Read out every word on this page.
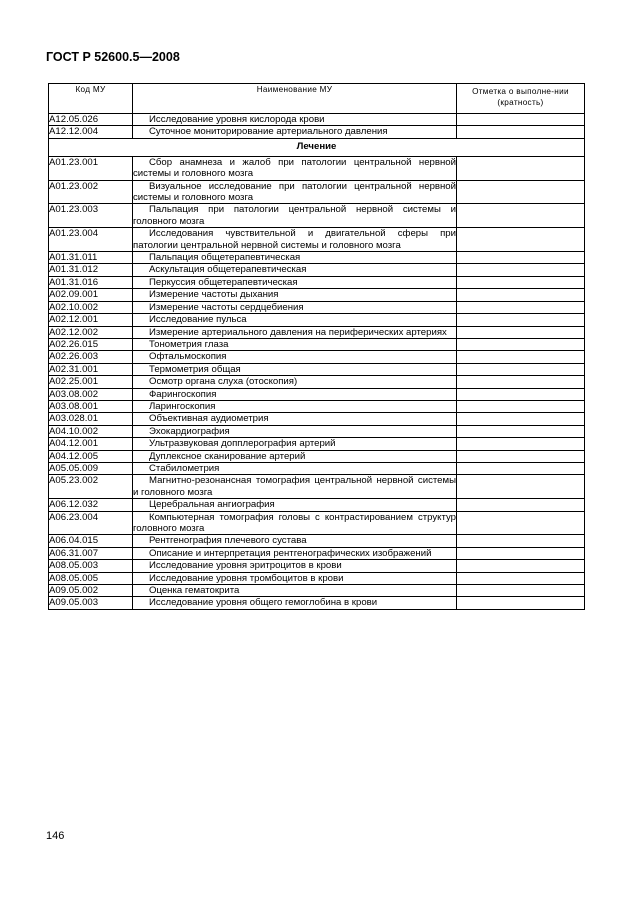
ГОСТ Р 52600.5—2008
Код МУ	Наименование МУ	Отметка о выполне-нии (кратность)
A12.05.026	Исследование уровня кислорода крови	
A12.12.004	Суточное мониторирование артериального давления	
Лечение		
A01.23.001	Сбор анамнеза и жалоб при патологии центральной нервной системы и головного мозга	
A01.23.002	Визуальное исследование при патологии центральной нервной системы и головного мозга	
A01.23.003	Пальпация при патологии центральной нервной системы и головного мозга	
A01.23.004	Исследования чувствительной и двигательной сферы при патологии центральной нервной системы и головного мозга	
A01.31.011	Пальпация общетерапевтическая	
A01.31.012	Аскультация общетерапевтическая	
A01.31.016	Перкуссия общетерапевтическая	
A02.09.001	Измерение частоты дыхания	
A02.10.002	Измерение частоты сердцебиения	
A02.12.001	Исследование пульса	
A02.12.002	Измерение артериального давления на периферических артериях	
A02.26.015	Тонометрия глаза	
A02.26.003	Офтальмоскопия	
A02.31.001	Термометрия общая	
A02.25.001	Осмотр органа слуха (отоскопия)	
A03.08.002	Фарингоскопия	
A03.08.001	Ларингоскопия	
A03.028.01	Объективная аудиометрия	
A04.10.002	Эхокардиография	
A04.12.001	Ультразвуковая допплерография артерий	
A04.12.005	Дуплексное сканирование артерий	
A05.05.009	Стабилометрия	
A05.23.002	Магнитно-резонансная томография центральной нервной системы и головного мозга	
A06.12.032	Церебральная ангиография	
A06.23.004	Компьютерная томография головы с контрастированием структур головного мозга	
A06.04.015	Рентгенография плечевого сустава	
A06.31.007	Описание и интерпретация рентгенографических изображений	
A08.05.003	Исследование уровня эритроцитов в крови	
A08.05.005	Исследование уровня тромбоцитов в крови	
A09.05.002	Оценка гематокрита	
A09.05.003	Исследование уровня общего гемоглобина в крови	
146
